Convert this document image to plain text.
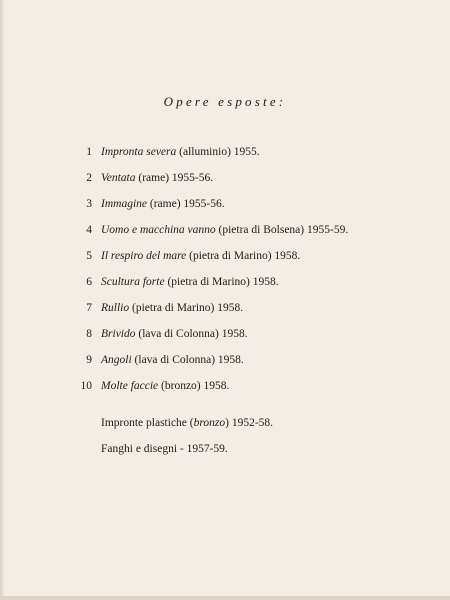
Opere esposte:
1 Impronta severa (alluminio) 1955.
2 Ventata (rame) 1955-56.
3 Immagine (rame) 1955-56.
4 Uomo e macchina vanno (pietra di Bolsena) 1955-59.
5 Il respiro del mare (pietra di Marino) 1958.
6 Scultura forte (pietra di Marino) 1958.
7 Rullio (pietra di Marino) 1958.
8 Brivido (lava di Colonna) 1958.
9 Angoli (lava di Colonna) 1958.
10 Molte faccie (bronzo) 1958.
Impronte plastiche (bronzo) 1952-58.
Fanghi e disegni - 1957-59.
